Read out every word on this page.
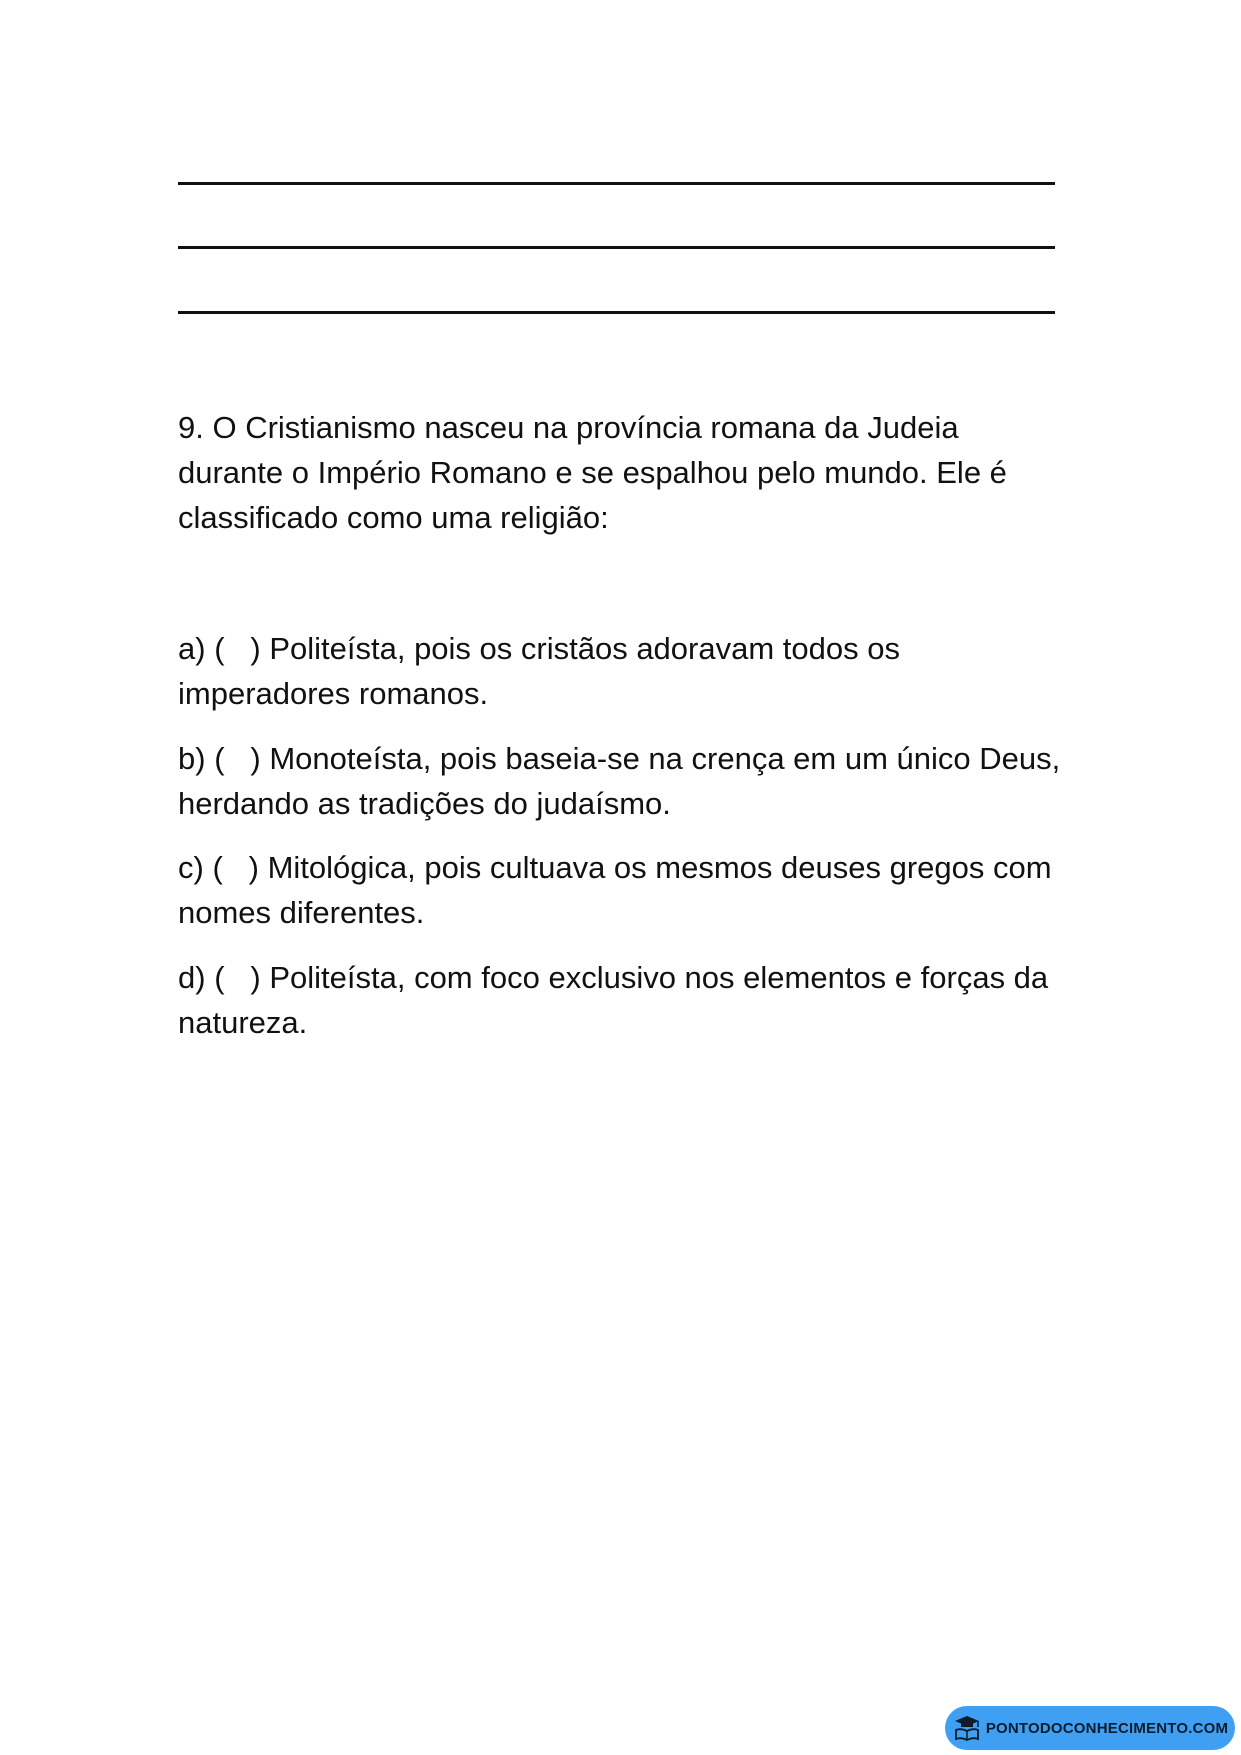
9. O Cristianismo nasceu na província romana da Judeia durante o Império Romano e se espalhou pelo mundo. Ele é classificado como uma religião:
a) (   ) Politeísta, pois os cristãos adoravam todos os imperadores romanos.
b) (   ) Monoteísta, pois baseia-se na crença em um único Deus, herdando as tradições do judaísmo.
c) (   ) Mitológica, pois cultuava os mesmos deuses gregos com nomes diferentes.
d) (   ) Politeísta, com foco exclusivo nos elementos e forças da natureza.
PONTODOCONHECIMENTO.COM
